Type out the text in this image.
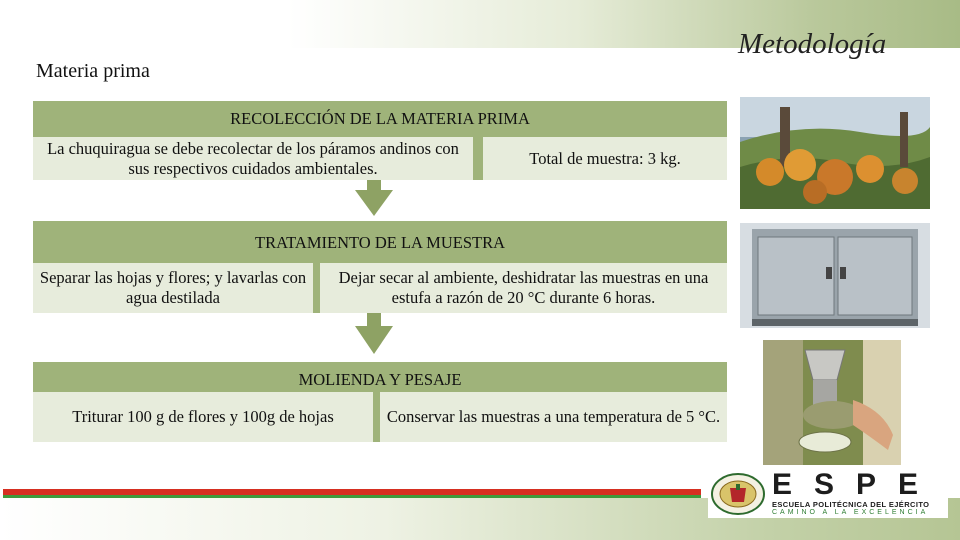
Metodología
Materia prima
RECOLECCIÓN DE LA MATERIA PRIMA
La chuquiragua se debe recolectar de los páramos andinos con sus respectivos cuidados ambientales.
Total de muestra: 3 kg.
TRATAMIENTO DE LA MUESTRA
Separar las hojas y flores; y lavarlas con agua destilada
Dejar secar al ambiente, deshidratar las muestras en una estufa a razón de 20 °C durante 6 horas.
MOLIENDA Y PESAJE
Triturar 100 g de flores y 100g de hojas	Conservar las muestras a una temperatura de 5 °C.
ESPE
ESCUELA POLITÉCNICA DEL EJÉRCITO
CAMINO A LA EXCELENCIA
